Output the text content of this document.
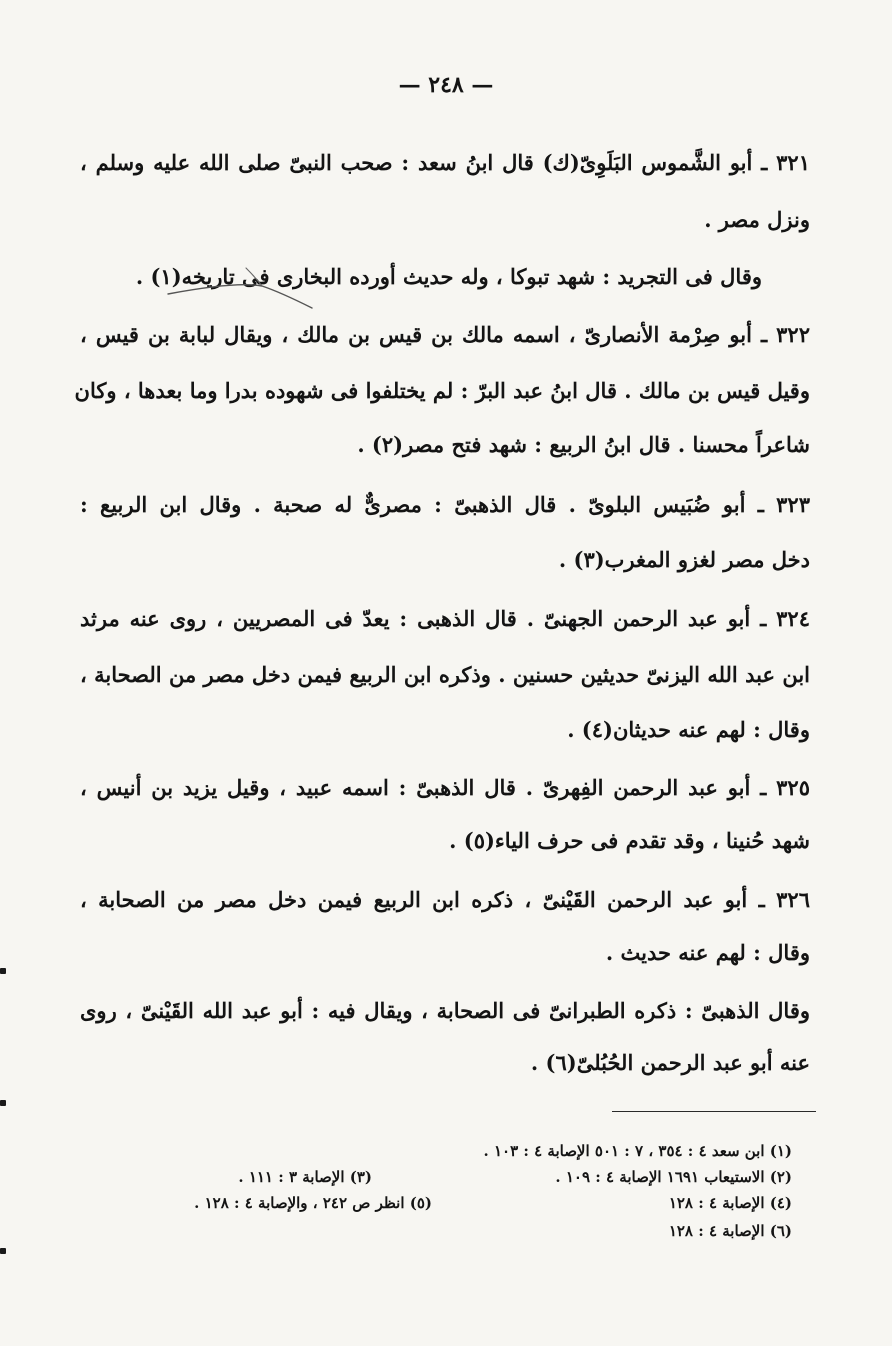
— ٢٤٨ —
٣٢١ ـ أبو الشَّموس البَلَوِىّ(ك) قال ابنُ سعد : صحب النبىّ صلى الله عليه وسلم ،
ونزل مصر .
وقال فى التجريد : شهد تبوكا ، وله حديث أورده البخارى فى تاريخه(١) .
٣٢٢ ـ أبو صِرْمة الأنصارىّ ، اسمه مالك بن قيس بن مالك ، ويقال لبابة بن قيس ،
وقيل قيس بن مالك . قال ابنُ عبد البرّ : لم يختلفوا فى شهوده بدرا وما بعدها ، وكان
شاعراً محسنا . قال ابنُ الربيع : شهد فتح مصر(٢) .
٣٢٣ ـ أبو ضُبَيس البلوىّ . قال الذهبىّ : مصرىٌّ له صحبة . وقال ابن الربيع :
دخل مصر لغزو المغرب(٣) .
٣٢٤ ـ أبو عبد الرحمن الجهنىّ . قال الذهبى : يعدّ فى المصريين ، روى عنه مرثد
ابن عبد الله اليزنىّ حديثين حسنين . وذكره ابن الربيع فيمن دخل مصر من الصحابة ،
وقال : لهم عنه حديثان(٤) .
٣٢٥ ـ أبو عبد الرحمن الفِهرىّ . قال الذهبىّ : اسمه عبيد ، وقيل يزيد بن أنيس ،
شهد حُنينا ، وقد تقدم فى حرف الياء(٥) .
٣٢٦ ـ أبو عبد الرحمن القَيْنىّ ، ذكره ابن الربيع فيمن دخل مصر من الصحابة ،
وقال : لهم عنه حديث .
وقال الذهبىّ : ذكره الطبرانىّ فى الصحابة ، ويقال فيه : أبو عبد الله القَيْنىّ ، روى
عنه أبو عبد الرحمن الحُبُلىّ(٦) .
(١) ابن سعد ٤ : ٣٥٤ ، ٧ : ٥٠١ الإصابة ٤ : ١٠٣ .
(٢) الاستيعاب ١٦٩١ الإصابة ٤ : ١٠٩ .
(٣) الإصابة ٣ : ١١١ .
(٤) الإصابة ٤ : ١٢٨
(٥) انظر ص ٢٤٢ ، والإصابة ٤ : ١٢٨ .
(٦) الإصابة ٤ : ١٢٨
